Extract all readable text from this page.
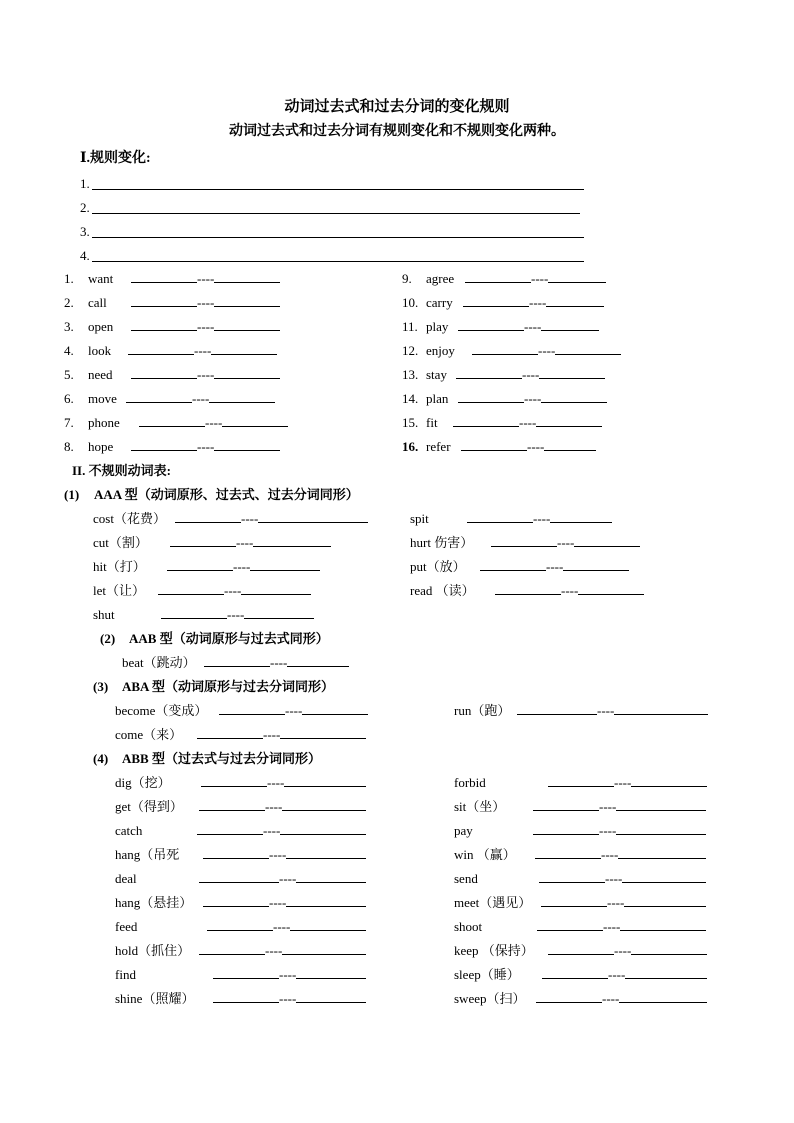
动词过去式和过去分词的变化规则
动词过去式和过去分词有规则变化和不规则变化两种。
Ⅰ.规则变化:
1.
2.
3.
4.
1. want	----
2. call	----
3. open	----
4. look	----
5. need	----
6. move	----
7. phone	----
8. hope	----
9. agree	----
10. carry	----
11. play	----
12. enjoy	----
13. stay	----
14. plan	----
15. fit	----
16. refer	----
II. 不规则动词表:
(1) AAA 型（动词原形、过去式、过去分词同形）
cost（花费）	----
cut（割）	----
hit（打）	----
let（让）	----
shut	----
spit	----
hurt 伤害）	----
put（放）	----
read （读）	----
(2) AAB 型（动词原形与过去式同形）
beat（跳动）	----
(3) ABA 型（动词原形与过去分词同形）
become（变成）	----
come（来）	----
run（跑）	----
(4) ABB 型（过去式与过去分词同形）
dig（挖）	----
get（得到）	----
catch	----
hang（吊死	----
deal	----
hang（悬挂）	----
feed	----
hold（抓住）	----
find	----
shine（照耀）	----
forbid	----
sit（坐）	----
pay	----
win （赢）	----
send	----
meet（遇见）	----
shoot	----
keep （保持）	----
sleep（睡）	----
sweep（扫）	----
